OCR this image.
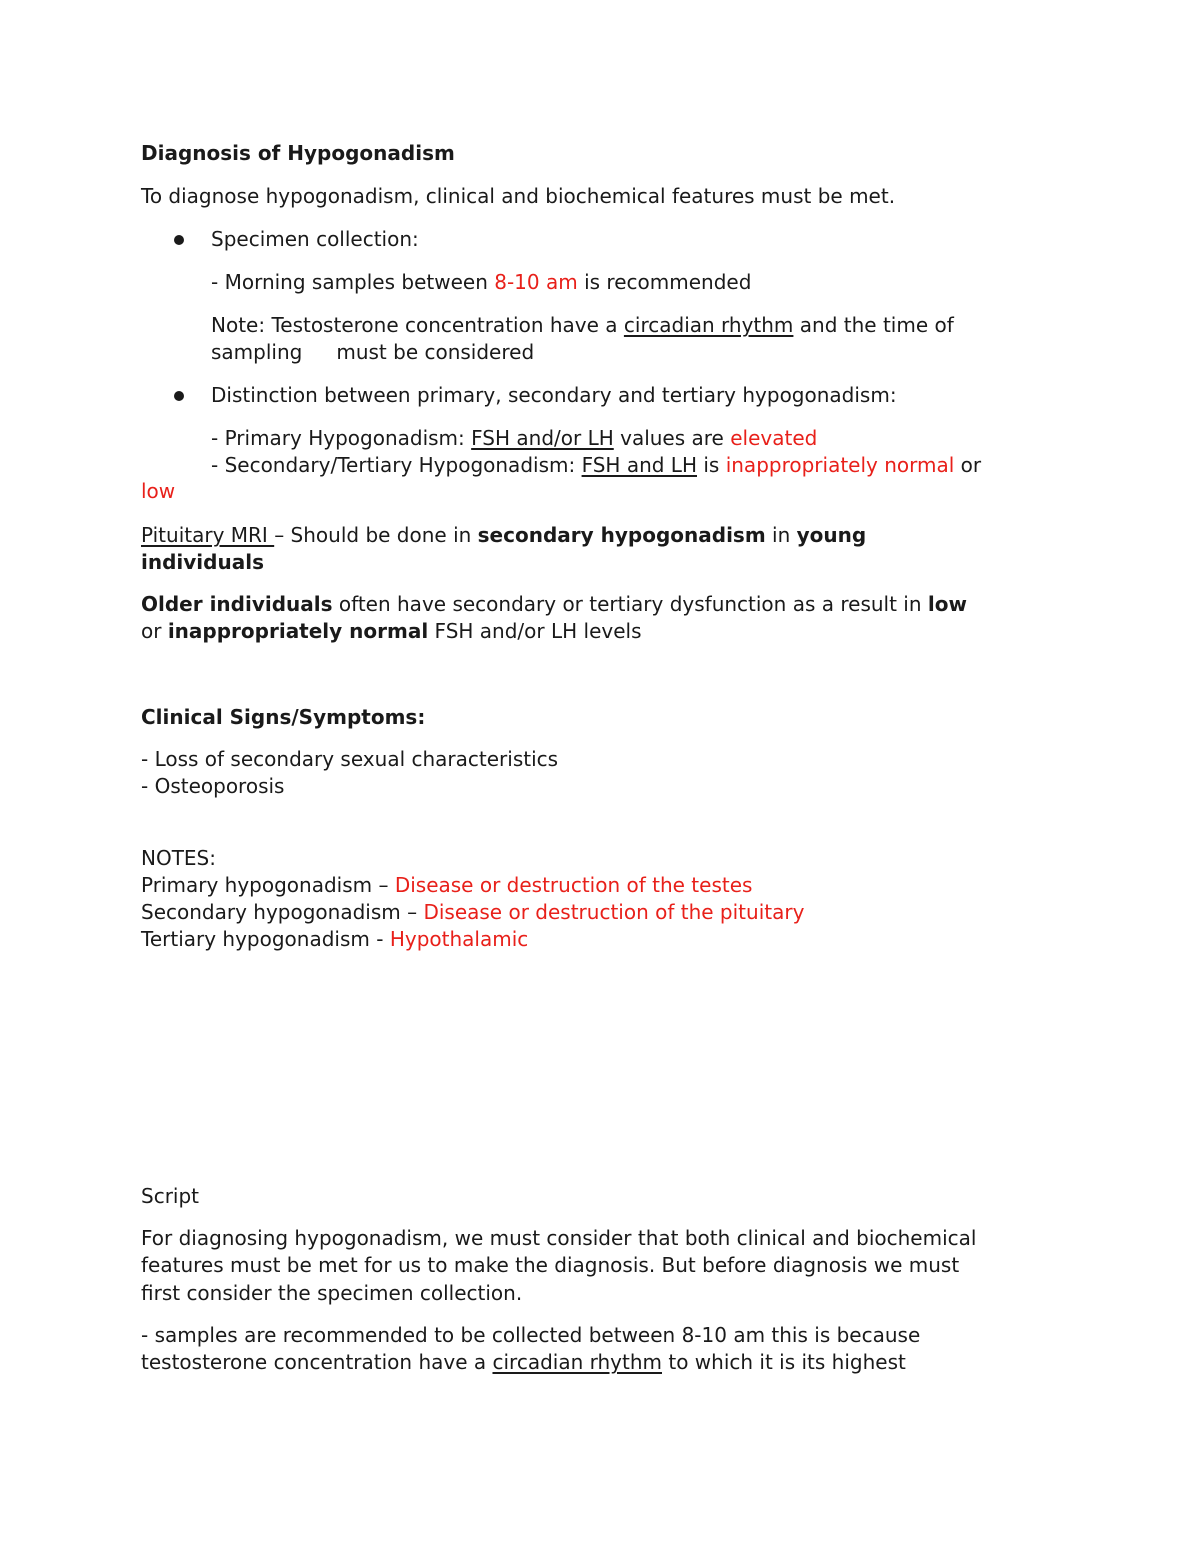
Diagnosis of Hypogonadism
To diagnose hypogonadism, clinical and biochemical features must be met.
Specimen collection:
- Morning samples between 8-10 am is recommended
Note: Testosterone concentration have a circadian rhythm and the time of
sampling must be considered
Distinction between primary, secondary and tertiary hypogonadism:
- Primary Hypogonadism: FSH and/or LH values are elevated
- Secondary/Tertiary Hypogonadism: FSH and LH is inappropriately normal or
low
Pituitary MRI – Should be done in secondary hypogonadism in young
individuals
Older individuals often have secondary or tertiary dysfunction as a result in low
or inappropriately normal FSH and/or LH levels
Clinical Signs/Symptoms:
- Loss of secondary sexual characteristics
- Osteoporosis
NOTES:
Primary hypogonadism – Disease or destruction of the testes
Secondary hypogonadism – Disease or destruction of the pituitary
Tertiary hypogonadism - Hypothalamic
Script
For diagnosing hypogonadism, we must consider that both clinical and biochemical
features must be met for us to make the diagnosis. But before diagnosis we must
first consider the specimen collection.
- samples are recommended to be collected between 8-10 am this is because
testosterone concentration have a circadian rhythm to which it is its highest
